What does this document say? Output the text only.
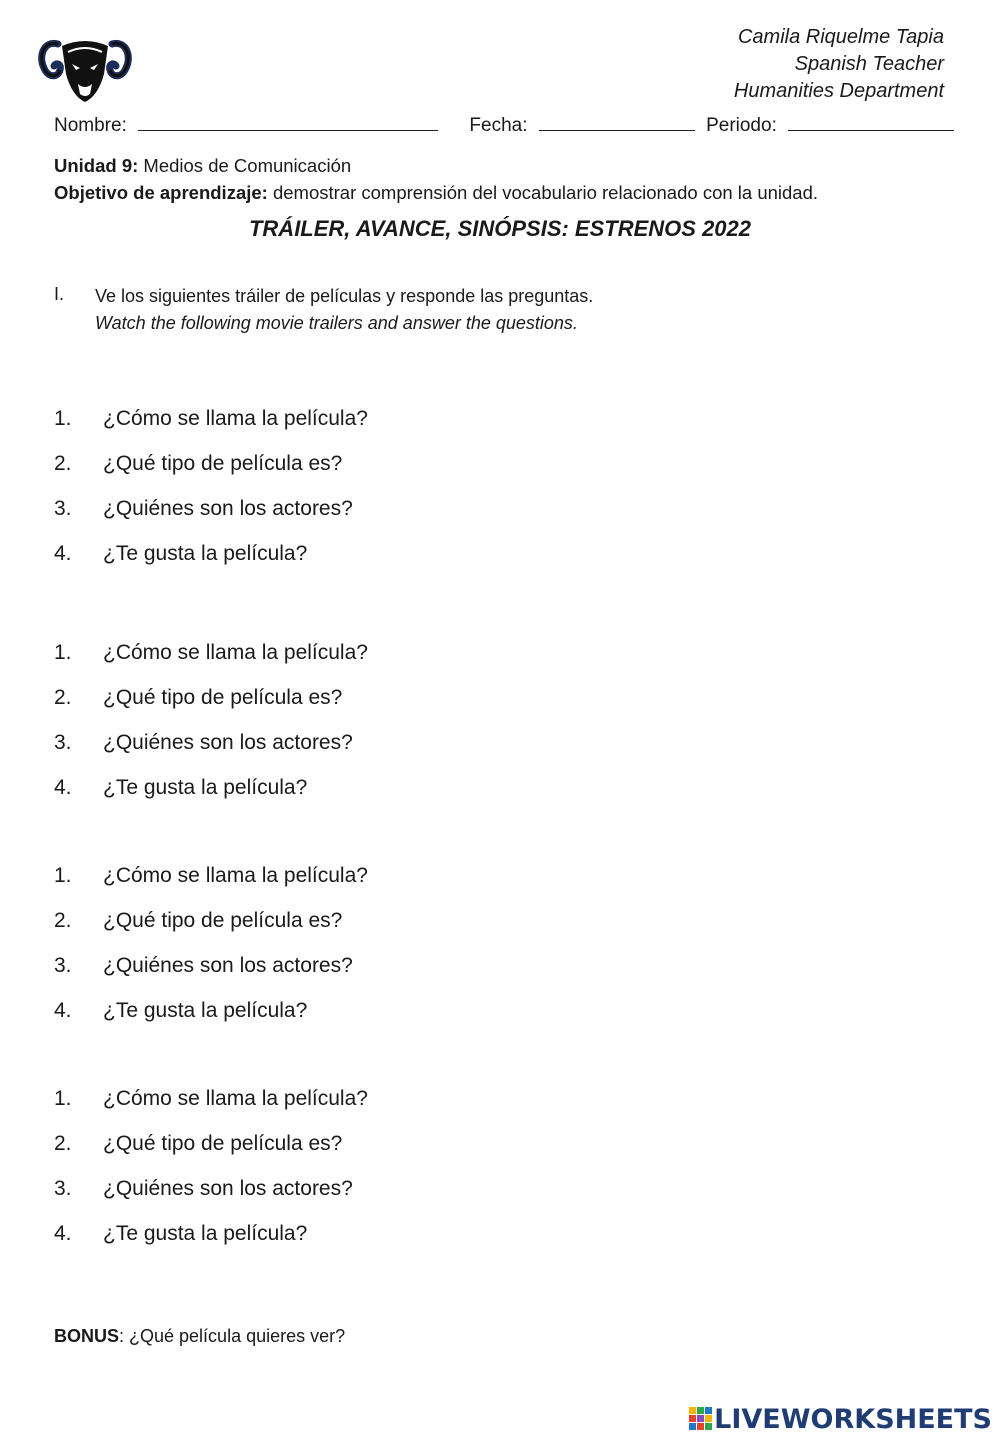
Camila Riquelme Tapia
Spanish Teacher
Humanities Department
Nombre:	Fecha:	Periodo:
Unidad 9: Medios de Comunicación
Objetivo de aprendizaje: demostrar comprensión del vocabulario relacionado con la unidad.
TRÁILER, AVANCE, SINÓPSIS: ESTRENOS 2022
I. Ve los siguientes tráiler de películas y responde las preguntas.
Watch the following movie trailers and answer the questions.
1. ¿Cómo se llama la película?
2. ¿Qué tipo de película es?
3. ¿Quiénes son los actores?
4. ¿Te gusta la película?
1. ¿Cómo se llama la película?
2. ¿Qué tipo de película es?
3. ¿Quiénes son los actores?
4. ¿Te gusta la película?
1. ¿Cómo se llama la película?
2. ¿Qué tipo de película es?
3. ¿Quiénes son los actores?
4. ¿Te gusta la película?
1. ¿Cómo se llama la película?
2. ¿Qué tipo de película es?
3. ¿Quiénes son los actores?
4. ¿Te gusta la película?
BONUS: ¿Qué película quieres ver?
LIVEWORKSHEETS
